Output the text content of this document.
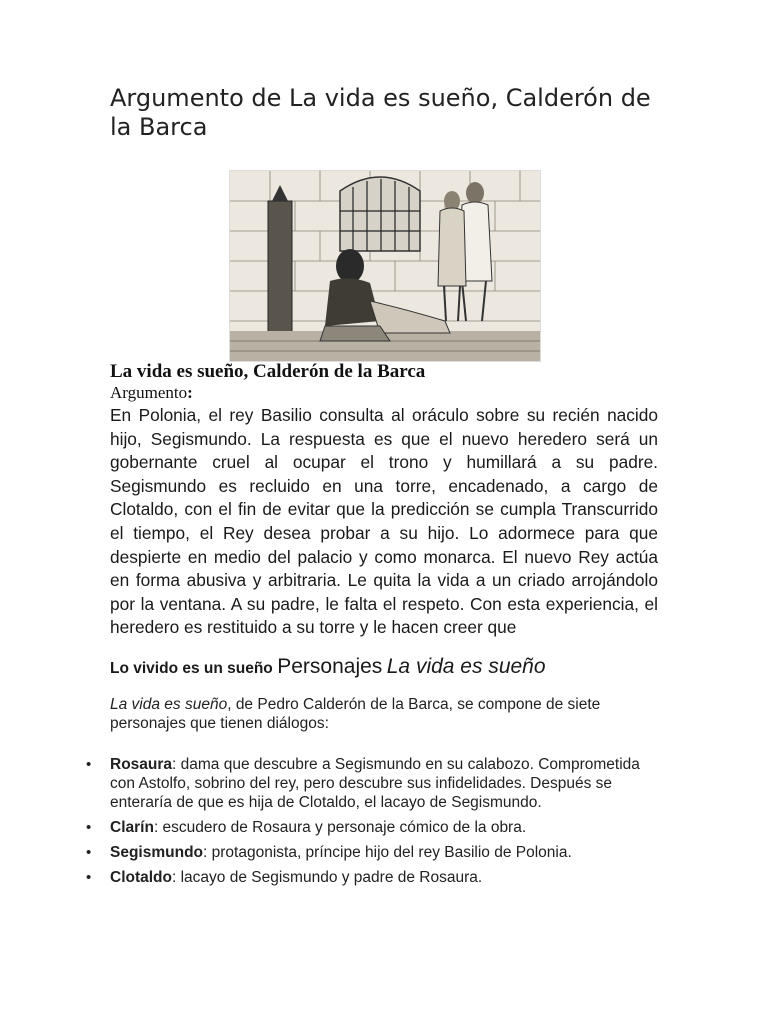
Argumento de La vida es sueño, Calderón de la Barca
La vida es sueño, Calderón de la Barca
Argumento:

En Polonia, el rey Basilio consulta al oráculo sobre su recién nacido hijo, Segismundo. La respuesta es que el nuevo heredero será un gobernante cruel al ocupar el trono y humillará a su padre. Segismundo es recluido en una torre, encadenado, a cargo de Clotaldo, con el fin de evitar que la predicción se cumpla Transcurrido el tiempo, el Rey desea probar a su hijo. Lo adormece para que despierte en medio del palacio y como monarca. El nuevo Rey actúa en forma abusiva y arbitraria. Le quita la vida a un criado arrojándolo por la ventana. A su padre, le falta el respeto. Con esta experiencia, el heredero es restituido a su torre y le hacen creer que

Lo vivido es un sueño Personajes La vida es sueño

La vida es sueño, de Pedro Calderón de la Barca, se compone de siete personajes que tienen diálogos:

• Rosaura: dama que descubre a Segismundo en su calabozo. Comprometida con Astolfo, sobrino del rey, pero descubre sus infidelidades. Después se enteraría de que es hija de Clotaldo, el lacayo de Segismundo.
• Clarín: escudero de Rosaura y personaje cómico de la obra.
• Segismundo: protagonista, príncipe hijo del rey Basilio de Polonia.
• Clotaldo: lacayo de Segismundo y padre de Rosaura.
